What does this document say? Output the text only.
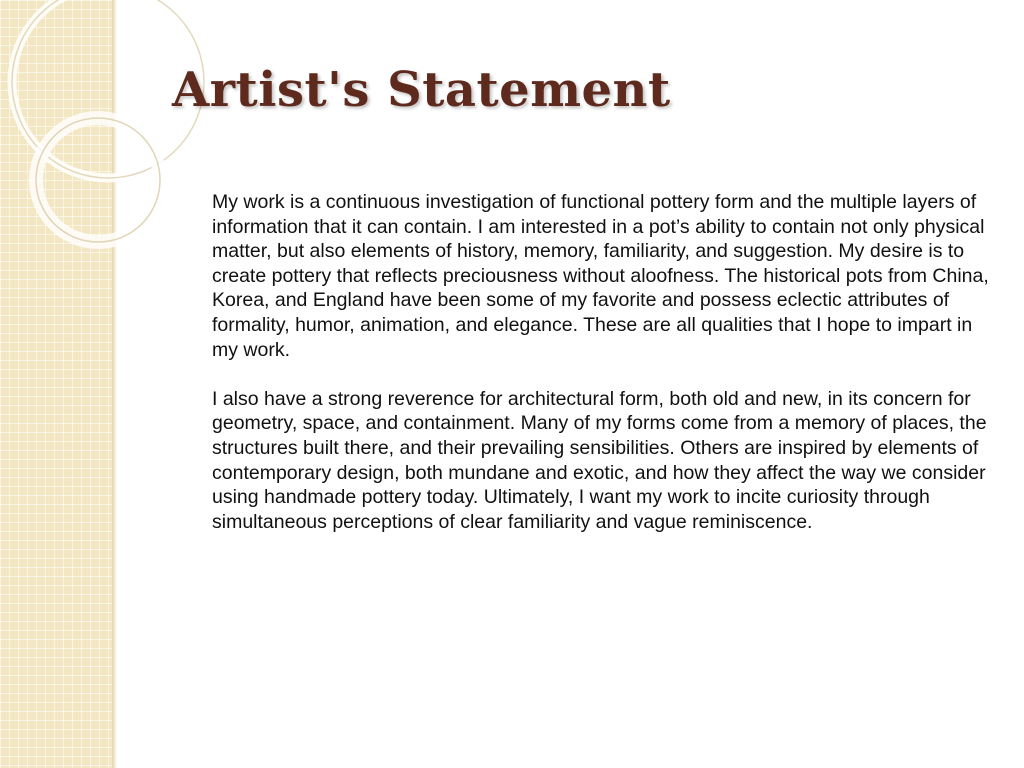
Artist's Statement

My work is a continuous investigation of functional pottery form and the multiple layers of information that it can contain. I am interested in a pot’s ability to contain not only physical matter, but also elements of history, memory, familiarity, and suggestion. My desire is to create pottery that reflects preciousness without aloofness. The historical pots from China, Korea, and England have been some of my favorite and possess eclectic attributes of formality, humor, animation, and elegance. These are all qualities that I hope to impart in my work.

I also have a strong reverence for architectural form, both old and new, in its concern for geometry, space, and containment. Many of my forms come from a memory of places, the structures built there, and their prevailing sensibilities. Others are inspired by elements of contemporary design, both mundane and exotic, and how they affect the way we consider using handmade pottery today. Ultimately, I want my work to incite curiosity through simultaneous perceptions of clear familiarity and vague reminiscence.
